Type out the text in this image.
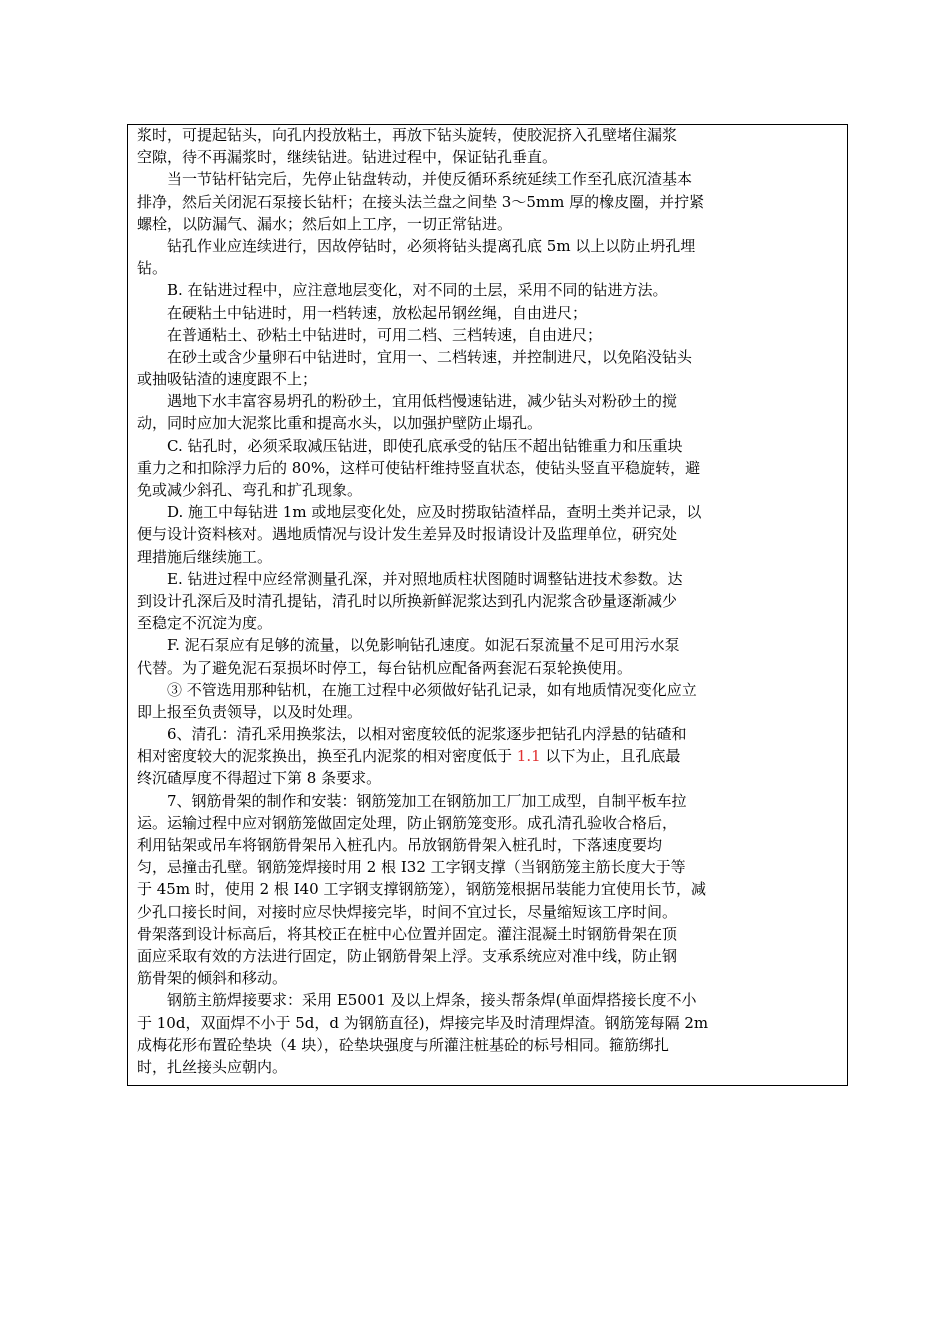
浆时，可提起钻头，向孔内投放粘土，再放下钻头旋转，使胶泥挤入孔壁堵住漏浆
空隙，待不再漏浆时，继续钻进。钻进过程中，保证钻孔垂直。
当一节钻杆钻完后，先停止钻盘转动，并使反循环系统延续工作至孔底沉渣基本
排净，然后关闭泥石泵接长钻杆；在接头法兰盘之间垫 3～5mm 厚的橡皮圈，并拧紧
螺栓，以防漏气、漏水；然后如上工序，一切正常钻进。
钻孔作业应连续进行，因故停钻时，必须将钻头提离孔底 5m 以上以防止坍孔埋
钻。
B. 在钻进过程中，应注意地层变化，对不同的土层，采用不同的钻进方法。
在硬粘土中钻进时，用一档转速，放松起吊钢丝绳，自由进尺；
在普通粘土、砂粘土中钻进时，可用二档、三档转速，自由进尺；
在砂土或含少量卵石中钻进时，宜用一、二档转速，并控制进尺，以免陷没钻头
或抽吸钻渣的速度跟不上；
遇地下水丰富容易坍孔的粉砂土，宜用低档慢速钻进，减少钻头对粉砂土的搅
动，同时应加大泥浆比重和提高水头，以加强护壁防止塌孔。
C. 钻孔时，必须采取减压钻进，即使孔底承受的钻压不超出钻锥重力和压重块
重力之和扣除浮力后的 80%，这样可使钻杆维持竖直状态，使钻头竖直平稳旋转，避
免或减少斜孔、弯孔和扩孔现象。
D. 施工中每钻进 1m 或地层变化处，应及时捞取钻渣样品，查明土类并记录，以
便与设计资料核对。遇地质情况与设计发生差异及时报请设计及监理单位，研究处
理措施后继续施工。
E. 钻进过程中应经常测量孔深，并对照地质柱状图随时调整钻进技术参数。达
到设计孔深后及时清孔提钻，清孔时以所换新鲜泥浆达到孔内泥浆含砂量逐渐减少
至稳定不沉淀为度。
F. 泥石泵应有足够的流量，以免影响钻孔速度。如泥石泵流量不足可用污水泵
代替。为了避免泥石泵损坏时停工，每台钻机应配备两套泥石泵轮换使用。
③ 不管选用那种钻机，在施工过程中必须做好钻孔记录，如有地质情况变化应立
即上报至负责领导，以及时处理。
6、清孔：清孔采用换浆法，以相对密度较低的泥浆逐步把钻孔内浮悬的钻碴和
相对密度较大的泥浆换出，换至孔内泥浆的相对密度低于 1.1 以下为止，且孔底最
终沉碴厚度不得超过下第 8 条要求。
7、钢筋骨架的制作和安装：钢筋笼加工在钢筋加工厂加工成型，自制平板车拉
运。运输过程中应对钢筋笼做固定处理，防止钢筋笼变形。成孔清孔验收合格后，
利用钻架或吊车将钢筋骨架吊入桩孔内。吊放钢筋骨架入桩孔时，下落速度要均
匀，忌撞击孔壁。钢筋笼焊接时用 2 根 I32 工字钢支撑（当钢筋笼主筋长度大于等
于 45m 时，使用 2 根 I40 工字钢支撑钢筋笼），钢筋笼根据吊装能力宜使用长节，减
少孔口接长时间，对接时应尽快焊接完毕，时间不宜过长，尽量缩短该工序时间。
骨架落到设计标高后，将其校正在桩中心位置并固定。灌注混凝土时钢筋骨架在顶
面应采取有效的方法进行固定，防止钢筋骨架上浮。支承系统应对准中线，防止钢
筋骨架的倾斜和移动。
钢筋主筋焊接要求：采用 E5001 及以上焊条，接头帮条焊(单面焊搭接长度不小
于 10d，双面焊不小于 5d，d 为钢筋直径)，焊接完毕及时清理焊渣。钢筋笼每隔 2m
成梅花形布置砼垫块（4 块），砼垫块强度与所灌注桩基砼的标号相同。箍筋绑扎
时，扎丝接头应朝内。
